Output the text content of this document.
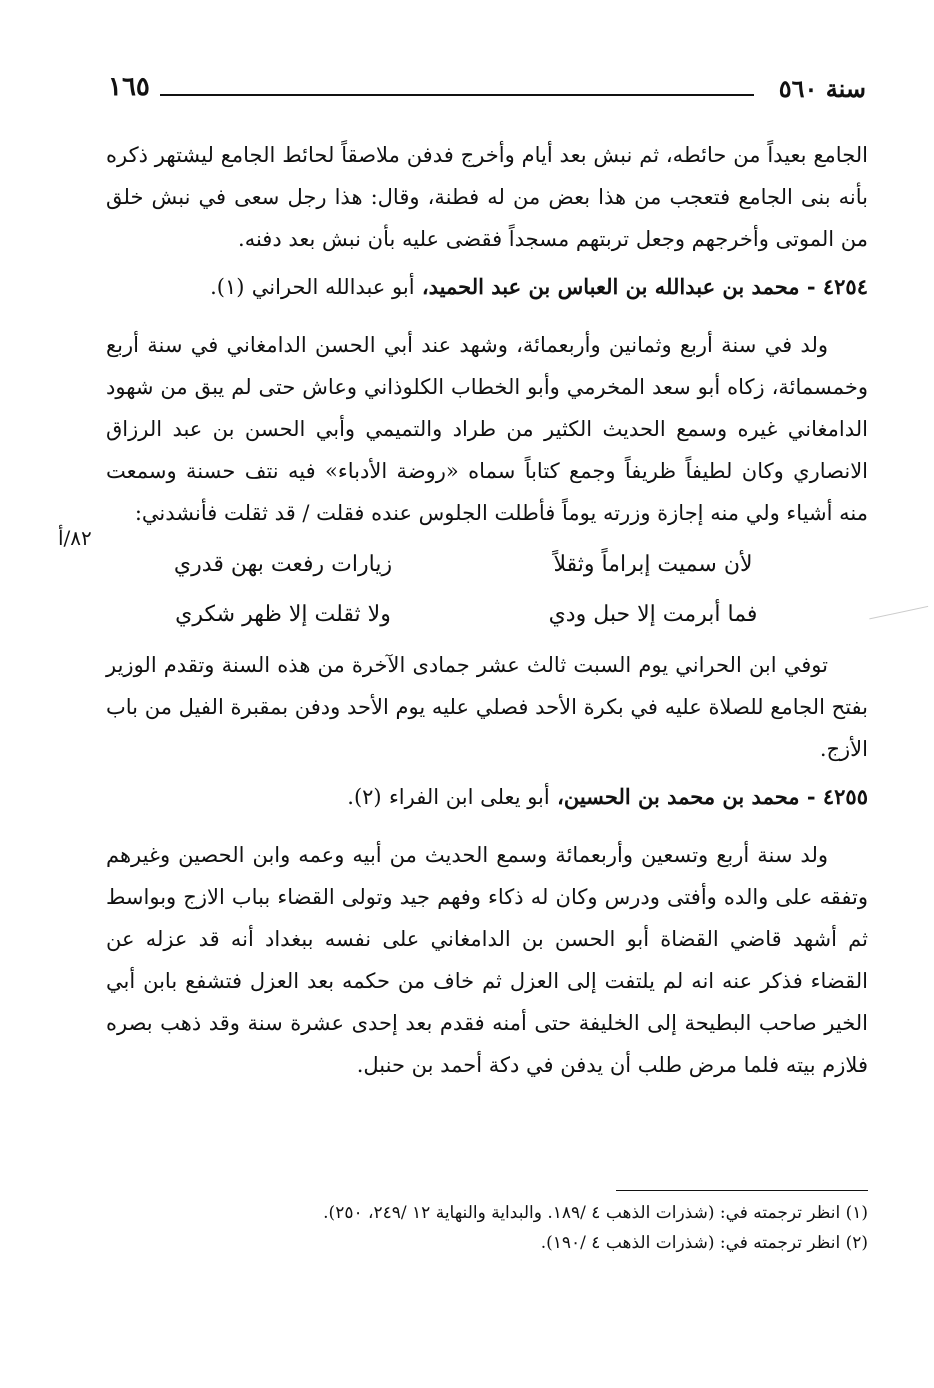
سنة ٥٦٠
١٦٥
٨٢/أ

الجامع بعيداً من حائطه، ثم نبش بعد أيام وأخرج فدفن ملاصقاً لحائط الجامع ليشتهر ذكره بأنه بنى الجامع فتعجب من هذا بعض من له فطنة، وقال: هذا رجل سعى في نبش خلق من الموتى وأخرجهم وجعل تربتهم مسجداً فقضى عليه بأن نبش بعد دفنه.

٤٢٥٤ - محمد بن عبدالله بن العباس بن عبد الحميد، أبو عبدالله الحراني (١).

ولد في سنة أربع وثمانين وأربعمائة، وشهد عند أبي الحسن الدامغاني في سنة أربع وخمسمائة، زكاه أبو سعد المخرمي وأبو الخطاب الكلوذاني وعاش حتى لم يبق من شهود الدامغاني غيره وسمع الحديث الكثير من طراد والتميمي وأبي الحسن بن عبد الرزاق الانصاري وكان لطيفاً ظريفاً وجمع كتاباً سماه «روضة الأدباء» فيه نتف حسنة وسمعت منه أشياء ولي منه إجازة وزرته يوماً فأطلت الجلوس عنده فقلت / قد ثقلت فأنشدني:

لأن سميت إبراماً وثقلاً
زيارات رفعت بهن قدري
فما أبرمت إلا حبل ودي
ولا ثقلت إلا ظهر شكري

توفي ابن الحراني يوم السبت ثالث عشر جمادى الآخرة من هذه السنة وتقدم الوزير بفتح الجامع للصلاة عليه في بكرة الأحد فصلي عليه يوم الأحد ودفن بمقبرة الفيل من باب الأزج.

٤٢٥٥ - محمد بن محمد بن الحسين، أبو يعلى ابن الفراء (٢).

ولد سنة أربع وتسعين وأربعمائة وسمع الحديث من أبيه وعمه وابن الحصين وغيرهم وتفقه على والده وأفتى ودرس وكان له ذكاء وفهم جيد وتولى القضاء بباب الازج وبواسط ثم أشهد قاضي القضاة أبو الحسن بن الدامغاني على نفسه ببغداد أنه قد عزله عن القضاء فذكر عنه انه لم يلتفت إلى العزل ثم خاف من حكمه بعد العزل فتشفع بابن أبي الخير صاحب البطيحة إلى الخليفة حتى أمنه فقدم بعد إحدى عشرة سنة وقد ذهب بصره فلازم بيته فلما مرض طلب أن يدفن في دكة أحمد بن حنبل.

(١) انظر ترجمته في: (شذرات الذهب ٤ /١٨٩. والبداية والنهاية ١٢ /٢٤٩، ٢٥٠).

(٢) انظر ترجمته في: (شذرات الذهب ٤ /١٩٠).
